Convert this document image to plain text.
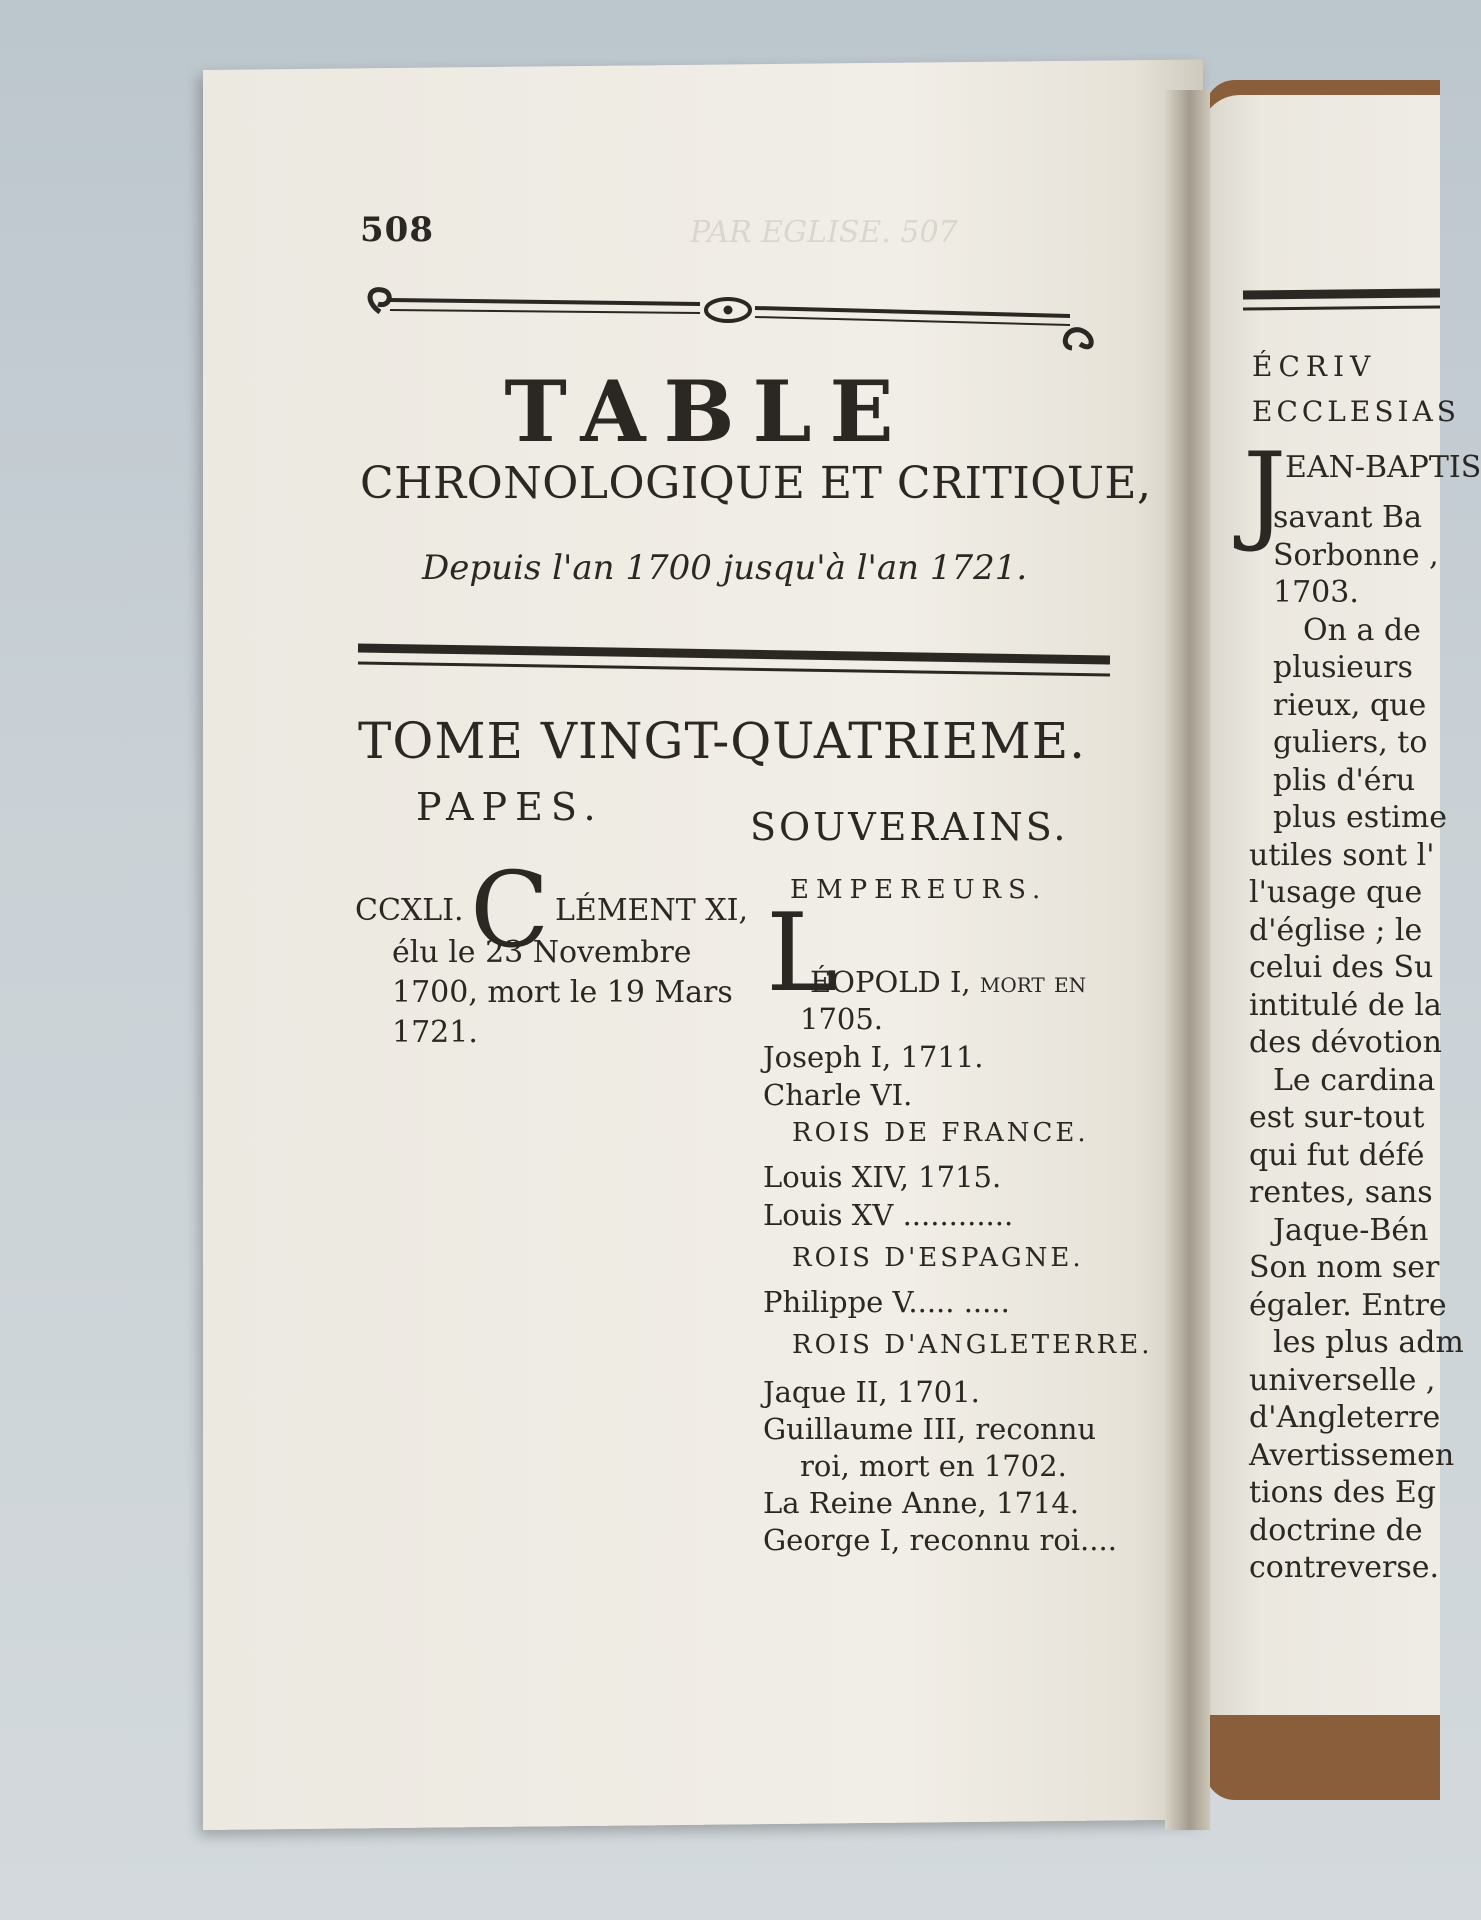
PAR EGLISE. 507
508
TABLE
CHRONOLOGIQUE ET CRITIQUE,
Depuis l'an 1700 jusqu'à l'an 1721.
TOME VINGT-QUATRIEME.
PAPES.	SOUVERAINS.
CCXLI. C LÉMENT XI,
élu le 23 Novembre
1700, mort le 19 Mars
1721.
EMPEREURS.
L
ÉOPOLD I, mort en
1705.
Joseph I, 1711.
Charle VI.
ROIS DE FRANCE.
Louis XIV, 1715.
Louis XV ............
ROIS D'ESPAGNE.
Philippe V..... .....
ROIS D'ANGLETERRE.
Jaque II, 1701.
Guillaume III, reconnu
roi, mort en 1702.
La Reine Anne, 1714.
George I, reconnu roi....
ÉCRIV
ECCLESIAS
J
EAN-BAPTIS
savant Ba
Sorbonne ,
1703.
On a de
plusieurs
rieux, que
guliers, to
plis d'éru
plus estime
utiles sont l'
l'usage que
d'église ; le
celui des Su
intitulé de la
des dévotion
Le cardina
est sur-tout
qui fut défé
rentes, sans
Jaque-Bén
Son nom ser
égaler. Entre
les plus adm
universelle ,
d'Angleterre
Avertissemen
tions des Eg
doctrine de
contreverse.
